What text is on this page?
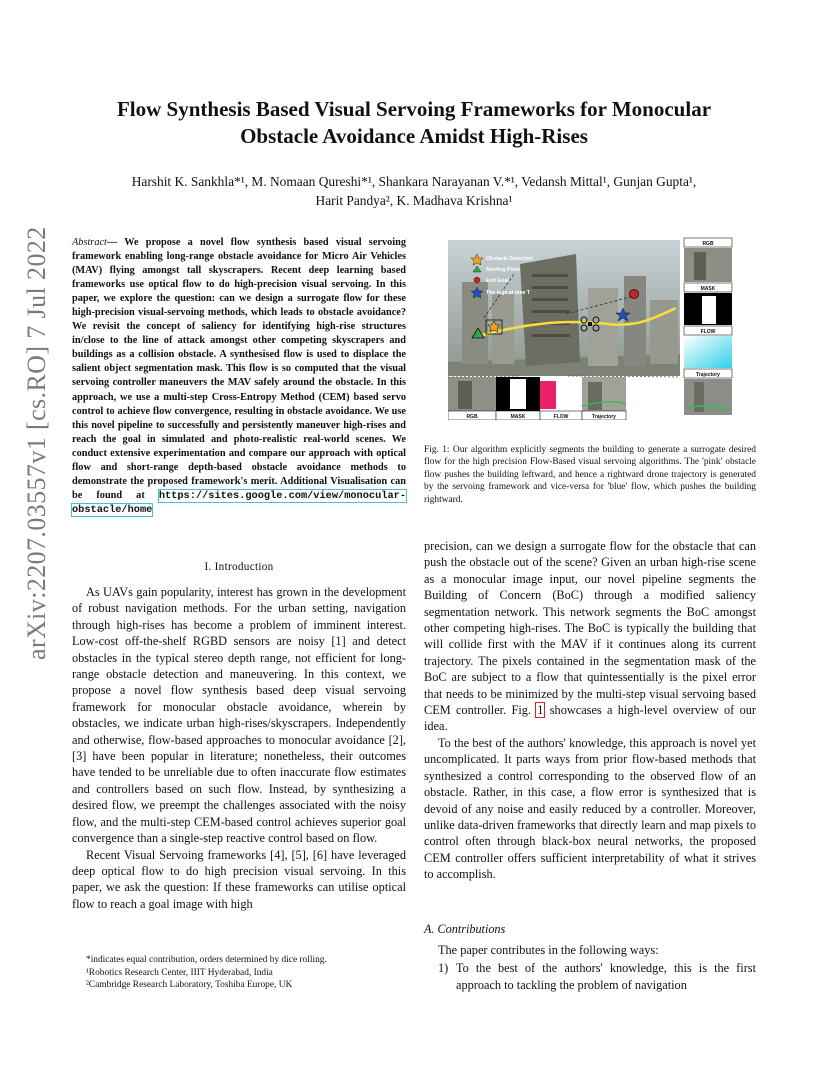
arXiv:2207.03557v1 [cs.RO] 7 Jul 2022
Flow Synthesis Based Visual Servoing Frameworks for Monocular
Obstacle Avoidance Amidst High-Rises
Harshit K. Sankhla*¹, M. Nomaan Qureshi*¹, Shankara Narayanan V.*¹, Vedansh Mittal¹, Gunjan Gupta¹,
Harit Pandya², K. Madhava Krishna¹
Abstract— We propose a novel flow synthesis based visual servoing framework enabling long-range obstacle avoidance for Micro Air Vehicles (MAV) flying amongst tall skyscrapers. Recent deep learning based frameworks use optical flow to do high-precision visual servoing. In this paper, we explore the question: can we design a surrogate flow for these high-precision visual-servoing methods, which leads to obstacle avoidance? We revisit the concept of saliency for identifying high-rise structures in/close to the line of attack amongst other competing skyscrapers and buildings as a collision obstacle. A synthesised flow is used to displace the salient object segmentation mask. This flow is so computed that the visual servoing controller maneuvers the MAV safely around the obstacle. In this approach, we use a multi-step Cross-Entropy Method (CEM) based servo control to achieve flow convergence, resulting in obstacle avoidance. We use this novel pipeline to successfully and persistently maneuver high-rises and reach the goal in simulated and photo-realistic real-world scenes. We conduct extensive experimentation and compare our approach with optical flow and short-range depth-based obstacle avoidance methods to demonstrate the proposed framework's merit. Additional Visualisation can be found at https://sites.google.com/view/monocular-obstacle/home
I. Introduction

As UAVs gain popularity, interest has grown in the development of robust navigation methods. For the urban setting, navigation through high-rises has become a problem of imminent interest. Low-cost off-the-shelf RGBD sensors are noisy [1] and detect obstacles in the typical stereo depth range, not efficient for long-range obstacle detection and maneuvering. In this context, we propose a novel flow synthesis based deep visual servoing framework for monocular obstacle avoidance, wherein by obstacles, we indicate urban high-rises/skyscrapers. Independently and otherwise, flow-based approaches to monocular avoidance [2], [3] have been popular in literature; nonetheless, their outcomes have tended to be unreliable due to often inaccurate flow estimates and controllers based on such flow. Instead, by synthesizing a desired flow, we preempt the challenges associated with the noisy flow, and the multi-step CEM-based control achieves superior goal convergence than a single-step reactive control based on flow.

Recent Visual Servoing frameworks [4], [5], [6] have leveraged deep optical flow to do high precision visual servoing. In this paper, we ask the question: If these frameworks can utilise optical flow to reach a goal image with high

*indicates equal contribution, orders determined by dice rolling.
¹Robotics Research Center, IIIT Hyderabad, India
²Cambridge Research Laboratory, Toshiba Europe, UK
Obstacle Detection
Starting Point
End Goal
The logs at time T
RGB
MASK
FLOW
Trajectory
RGB	MASK	FLOW	Trajectory
Fig. 1: Our algorithm explicitly segments the building to generate a surrogate desired flow for the high precision Flow-Based visual servoing algorithms. The 'pink' obstacle flow pushes the building leftward, and hence a rightward drone trajectory is generated by the servoing framework and vice-versa for 'blue' flow, which pushes the building rightward.
precision, can we design a surrogate flow for the obstacle that can push the obstacle out of the scene? Given an urban high-rise scene as a monocular image input, our novel pipeline segments the Building of Concern (BoC) through a modified saliency segmentation network. This network segments the BoC amongst other competing high-rises. The BoC is typically the building that will collide first with the MAV if it continues along its current trajectory. The pixels contained in the segmentation mask of the BoC are subject to a flow that quintessentially is the pixel error that needs to be minimized by the multi-step visual servoing based CEM controller. Fig. 1 showcases a high-level overview of our idea.

To the best of the authors' knowledge, this approach is novel yet uncomplicated. It parts ways from prior flow-based methods that synthesized a control corresponding to the observed flow of an obstacle. Rather, in this case, a flow error is synthesized that is devoid of any noise and easily reduced by a controller. Moreover, unlike data-driven frameworks that directly learn and map pixels to control often through black-box neural networks, the proposed CEM controller offers sufficient interpretability of what it strives to accomplish.

A. Contributions

The paper contributes in the following ways:

1) To the best of the authors' knowledge, this is the first approach to tackling the problem of navigation
